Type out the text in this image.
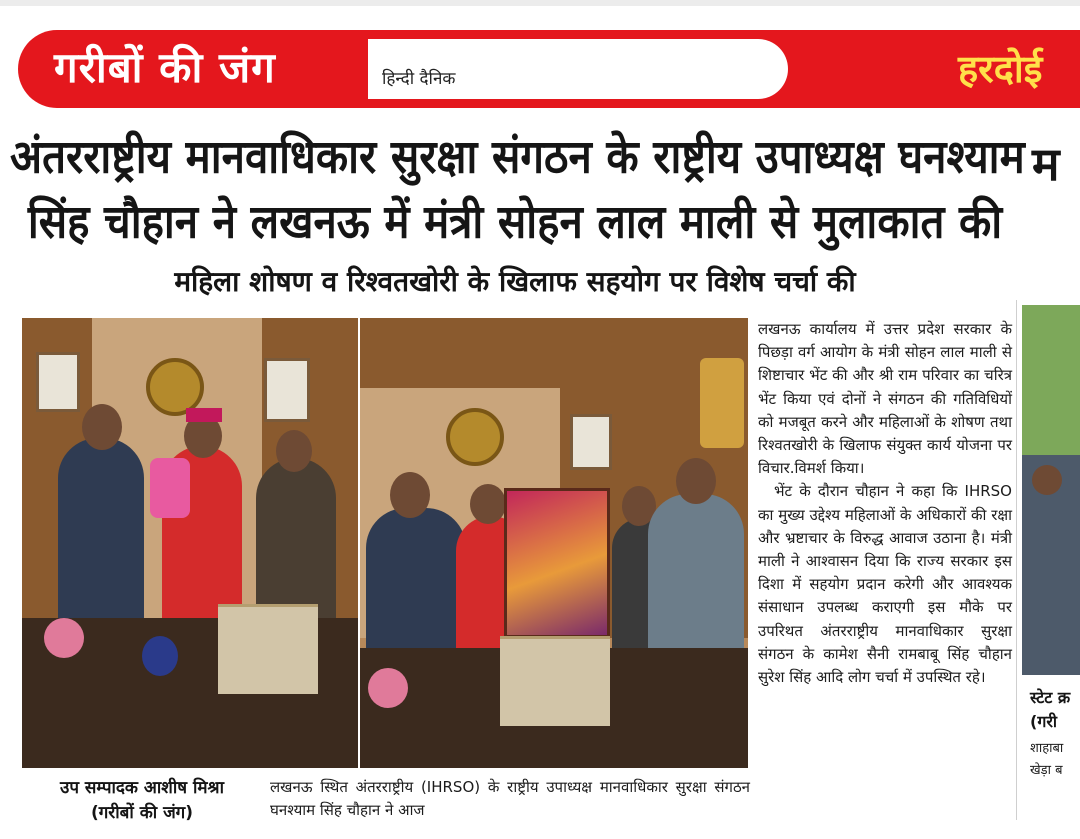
गरीबों की जंग	हिन्दी दैनिक	हरदोई
अंतरराष्ट्रीय मानवाधिकार सुरक्षा संगठन के राष्ट्रीय उपाध्यक्ष घनश्याम
सिंह चौहान ने लखनऊ में मंत्री सोहन लाल माली से मुलाकात की
महिला शोषण व रिश्वतखोरी के खिलाफ सहयोग पर विशेष चर्चा की
म

लखनऊ कार्यालय में उत्तर प्रदेश सरकार के पिछड़ा वर्ग आयोग के मंत्री सोहन लाल माली से शिष्टाचार भेंट की और श्री राम परिवार का चरित्र भेंट किया एवं दोनों ने संगठन की गतिविधियों को मजबूत करने और महिलाओं के शोषण तथा रिश्वतखोरी के खिलाफ संयुक्त कार्य योजना पर विचार.विमर्श किया।

भेंट के दौरान चौहान ने कहा कि IHRSO का मुख्य उद्देश्य महिलाओं के अधिकारों की रक्षा और भ्रष्टाचार के विरुद्ध आवाज उठाना है। मंत्री माली ने आश्वासन दिया कि राज्य सरकार इस दिशा में सहयोग प्रदान करेगी और आवश्यक संसाधान उपलब्ध कराएगी इस मौके पर उपरिथत अंतरराष्ट्रीय मानवाधिकार सुरक्षा संगठन के कामेश सैनी रामबाबू सिंह चौहान सुरेश सिंह आदि लोग चर्चा में उपस्थित रहे।

उप सम्पादक आशीष मिश्रा
(गरीबों की जंग)
लखनऊ स्थित अंतरराष्ट्रीय (IHRSO) के राष्ट्रीय उपाध्यक्ष मानवाधिकार सुरक्षा संगठन घनश्याम सिंह चौहान ने आज
स्टेट क्र
(गरी
शाहाबा
खेड़ा ब
